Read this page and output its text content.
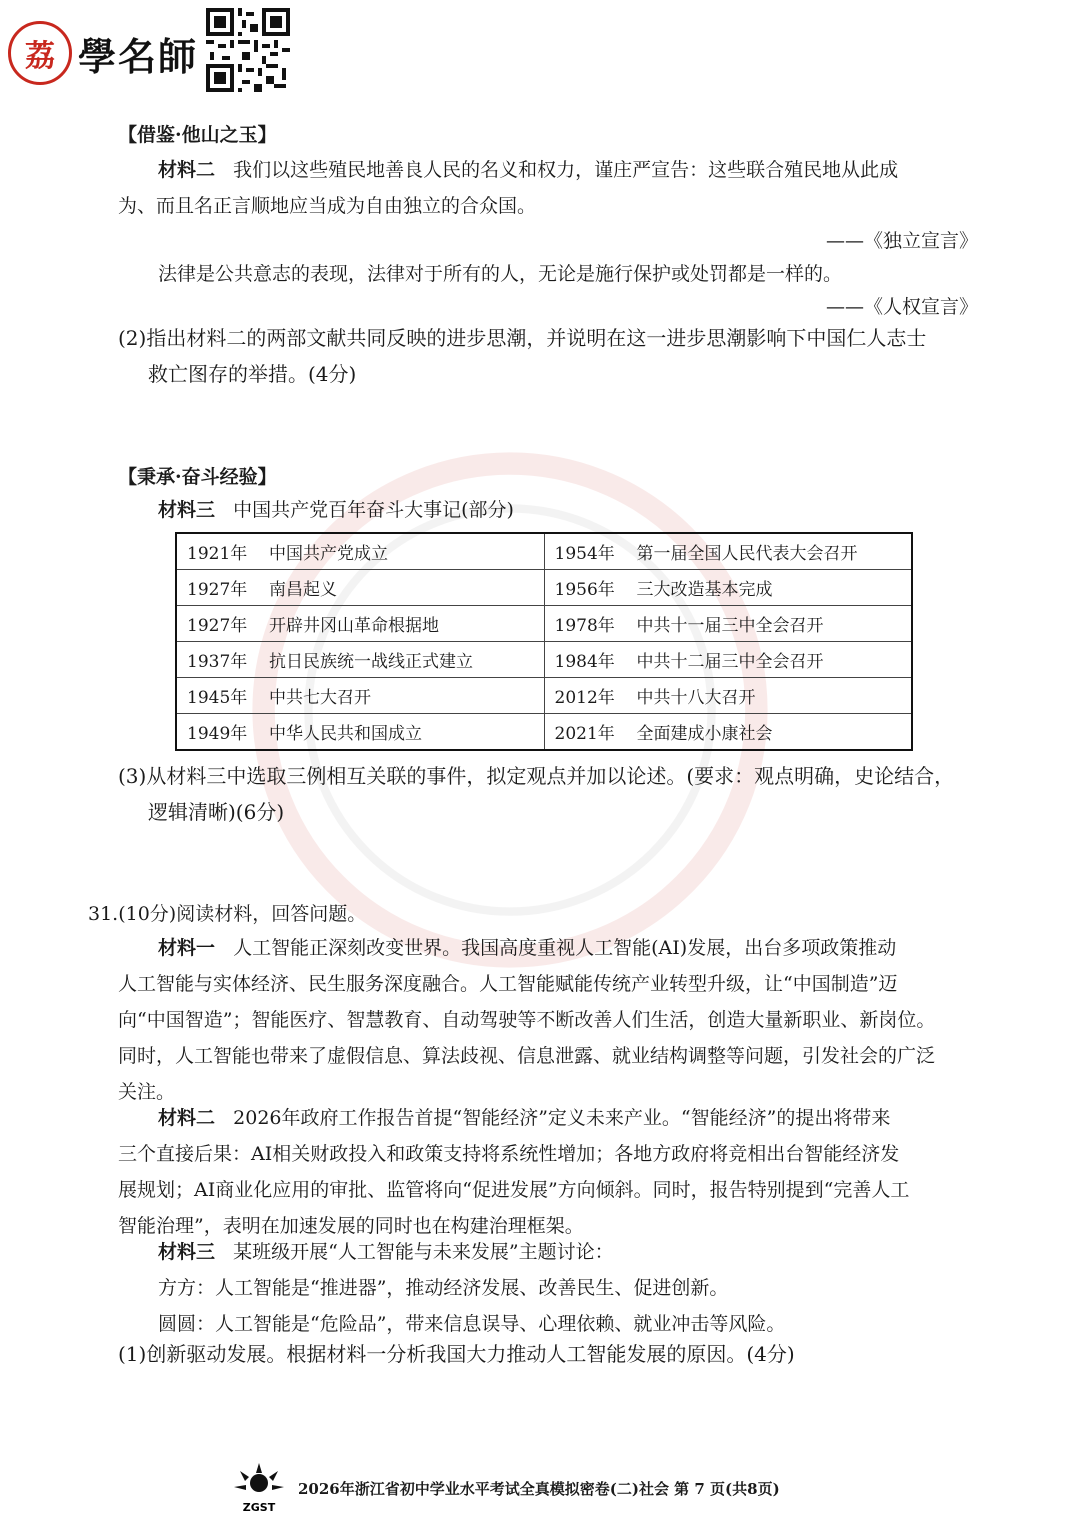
荔 學名師
【借鉴·他山之玉】
材料二 我们以这些殖民地善良人民的名义和权力，谨庄严宣告：这些联合殖民地从此成
为、而且名正言顺地应当成为自由独立的合众国。
——《独立宣言》
法律是公共意志的表现，法律对于所有的人，无论是施行保护或处罚都是一样的。
——《人权宣言》
(2)指出材料二的两部文献共同反映的进步思潮，并说明在这一进步思潮影响下中国仁人志士
救亡图存的举措。(4分)
【秉承·奋斗经验】
材料三 中国共产党百年奋斗大事记(部分)
1921年 中国共产党成立	1954年 第一届全国人民代表大会召开
1927年 南昌起义	1956年 三大改造基本完成
1927年 开辟井冈山革命根据地	1978年 中共十一届三中全会召开
1937年 抗日民族统一战线正式建立	1984年 中共十二届三中全会召开
1945年 中共七大召开	2012年 中共十八大召开
1949年 中华人民共和国成立	2021年 全面建成小康社会
(3)从材料三中选取三例相互关联的事件，拟定观点并加以论述。(要求：观点明确，史论结合，
逻辑清晰)(6分)
31.(10分)阅读材料，回答问题。
材料一 人工智能正深刻改变世界。我国高度重视人工智能(AI)发展，出台多项政策推动
人工智能与实体经济、民生服务深度融合。人工智能赋能传统产业转型升级，让“中国制造”迈
向“中国智造”；智能医疗、智慧教育、自动驾驶等不断改善人们生活，创造大量新职业、新岗位。
同时，人工智能也带来了虚假信息、算法歧视、信息泄露、就业结构调整等问题，引发社会的广泛
关注。
材料二 2026年政府工作报告首提“智能经济”定义未来产业。“智能经济”的提出将带来
三个直接后果：AI相关财政投入和政策支持将系统性增加；各地方政府将竞相出台智能经济发
展规划；AI商业化应用的审批、监管将向“促进发展”方向倾斜。同时，报告特别提到“完善人工
智能治理”，表明在加速发展的同时也在构建治理框架。
材料三 某班级开展“人工智能与未来发展”主题讨论：
方方：人工智能是“推进器”，推动经济发展、改善民生、促进创新。
圆圆：人工智能是“危险品”，带来信息误导、心理依赖、就业冲击等风险。
(1)创新驱动发展。根据材料一分析我国大力推动人工智能发展的原因。(4分)
ZGST
2026年浙江省初中学业水平考试全真模拟密卷(二)社会 第 7 页(共8页)
